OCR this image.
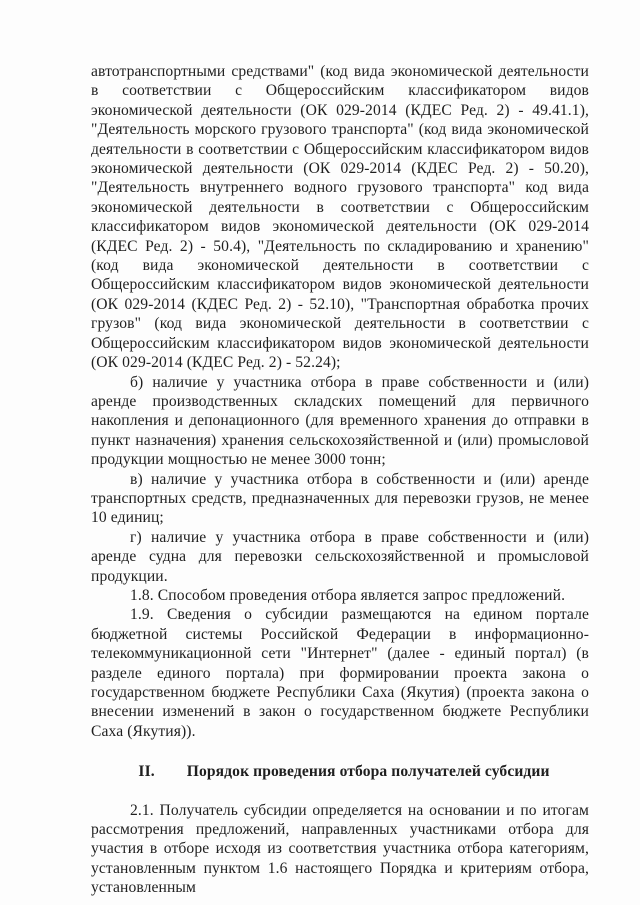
автотранспортными средствами" (код вида экономической деятельности в соответствии с Общероссийским классификатором видов экономической деятельности (ОК 029-2014 (КДЕС Ред. 2) - 49.41.1), "Деятельность морского грузового транспорта" (код вида экономической деятельности в соответствии с Общероссийским классификатором видов экономической деятельности (ОК 029-2014 (КДЕС Ред. 2) - 50.20), "Деятельность внутреннего водного грузового транспорта" код вида экономической деятельности в соответствии с Общероссийским классификатором видов экономической деятельности (ОК 029-2014 (КДЕС Ред. 2) - 50.4), "Деятельность по складированию и хранению" (код вида экономической деятельности в соответствии с Общероссийским классификатором видов экономической деятельности (ОК 029-2014 (КДЕС Ред. 2) - 52.10), "Транспортная обработка прочих грузов" (код вида экономической деятельности в соответствии с Общероссийским классификатором видов экономической деятельности (ОК 029-2014 (КДЕС Ред. 2) - 52.24);

б) наличие у участника отбора в праве собственности и (или) аренде производственных складских помещений для первичного накопления и депонационного (для временного хранения до отправки в пункт назначения) хранения сельскохозяйственной и (или) промысловой продукции мощностью не менее 3000 тонн;

в) наличие у участника отбора в собственности и (или) аренде транспортных средств, предназначенных для перевозки грузов, не менее 10 единиц;

г) наличие у участника отбора в праве собственности и (или) аренде судна для перевозки сельскохозяйственной и промысловой продукции.

1.8. Способом проведения отбора является запрос предложений.

1.9. Сведения о субсидии размещаются на едином портале бюджетной системы Российской Федерации в информационно-телекоммуникационной сети "Интернет" (далее - единый портал) (в разделе единого портала) при формировании проекта закона о государственном бюджете Республики Саха (Якутия) (проекта закона о внесении изменений в закон о государственном бюджете Республики Саха (Якутия)).

II. Порядок проведения отбора получателей субсидии

2.1. Получатель субсидии определяется на основании и по итогам рассмотрения предложений, направленных участниками отбора для участия в отборе исходя из соответствия участника отбора категориям, установленным пунктом 1.6 настоящего Порядка и критериям отбора, установленным
